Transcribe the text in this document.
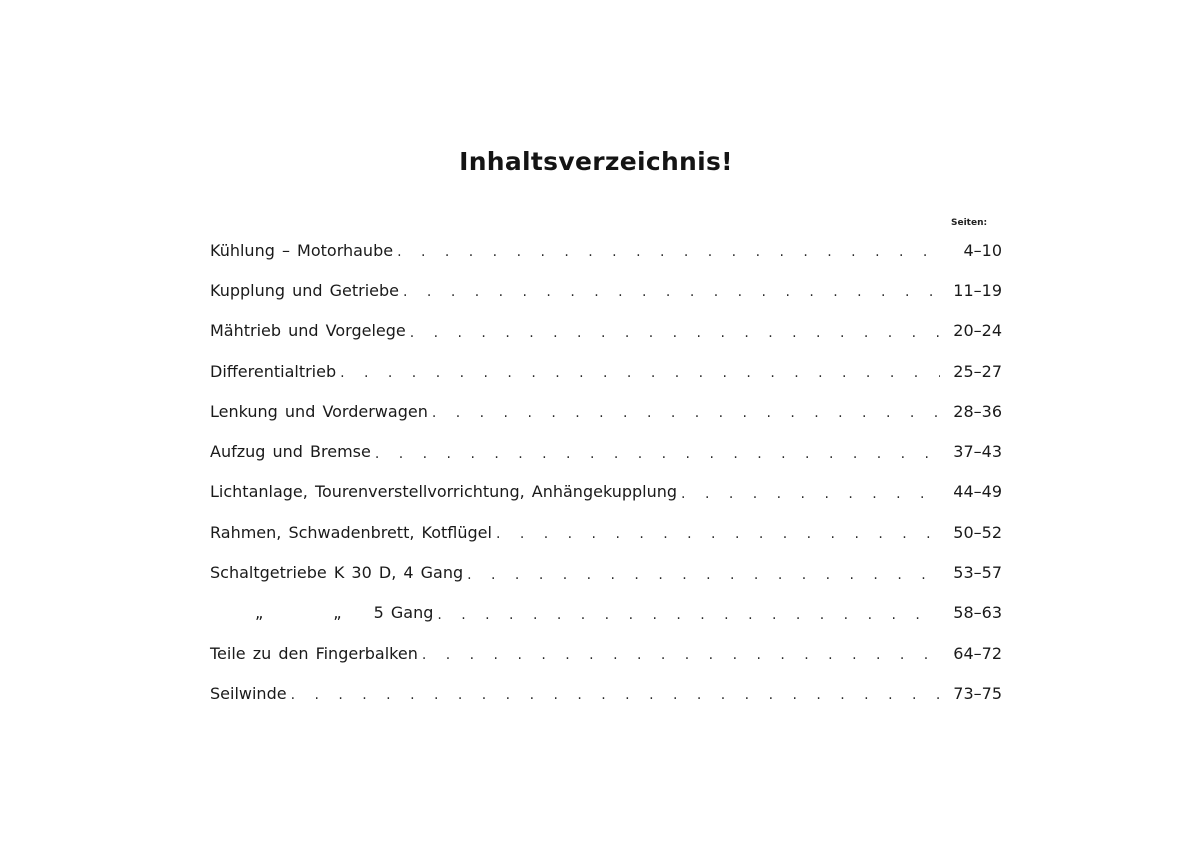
Inhaltsverzeichnis!
Seiten:
Kühlung – Motorhaube . . .	4–10
Kupplung und Getriebe . . .	11–19
Mähtrieb und Vorgelege . . .	20–24
Differentialtrieb . . .	25–27
Lenkung und Vorderwagen . . .	28–36
Aufzug und Bremse . . .	37–43
Lichtanlage, Tourenverstellvorrichtung, Anhängekupplung . . .	44–49
Rahmen, Schwadenbrett, Kotflügel . . .	50–52
Schaltgetriebe K 30 D, 4 Gang . . .	53–57
„	„ 5 Gang . . .	58–63
Teile zu den Fingerbalken . . .	64–72
Seilwinde . . .	73–75
